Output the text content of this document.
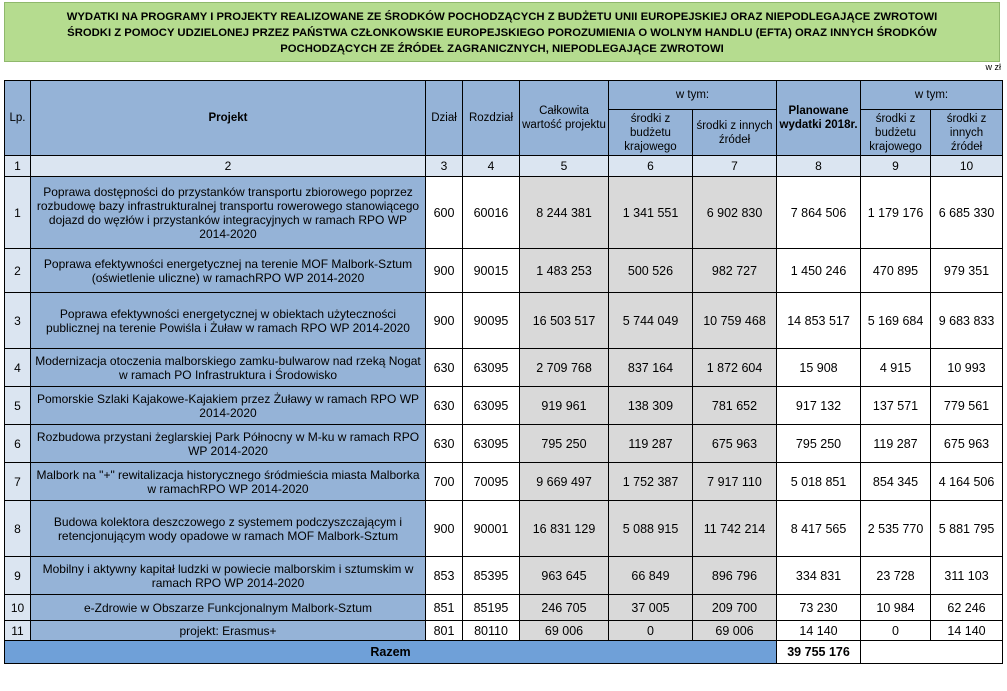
WYDATKI NA PROGRAMY I PROJEKTY REALIZOWANE ZE ŚRODKÓW POCHODZĄCYCH Z BUDŻETU UNII EUROPEJSKIEJ ORAZ NIEPODLEGAJĄCE ZWROTOWI
ŚRODKI Z POMOCY UDZIELONEJ PRZEZ PAŃSTWA CZŁONKOWSKIE EUROPEJSKIEGO POROZUMIENIA O WOLNYM HANDLU (EFTA) ORAZ INNYCH ŚRODKÓW
POCHODZĄCYCH ZE ŹRÓDEŁ ZAGRANICZNYCH, NIEPODLEGAJĄCE ZWROTOWI
w zł
Lp.	Projekt	Dział	Rozdział	Całkowita wartość projektu	w tym:		Planowane wydatki 2018r.	w tym:	
					środki z budżetu krajowego	środki z innych źródeł		środki z budżetu krajowego	środki z innych źródeł
1	2	3	4	5	6	7	8	9	10
1	Poprawa dostępności do przystanków transportu zbiorowego poprzez rozbudowę bazy infrastrukturalnej transportu rowerowego stanowiącego dojazd do węzłów i przystanków integracyjnych w ramach RPO WP 2014-2020	600	60016	8 244 381	1 341 551	6 902 830	7 864 506	1 179 176	6 685 330
2	Poprawa efektywności energetycznej na terenie MOF Malbork-Sztum (oświetlenie uliczne) w ramachRPO WP 2014-2020	900	90015	1 483 253	500 526	982 727	1 450 246	470 895	979 351
3	Poprawa efektywności energetycznej w obiektach użyteczności publicznej na terenie Powiśla i Żuław w ramach RPO WP 2014-2020	900	90095	16 503 517	5 744 049	10 759 468	14 853 517	5 169 684	9 683 833
4	Modernizacja otoczenia malborskiego zamku-bulwarow nad rzeką Nogat w ramach PO Infrastruktura i Środowisko	630	63095	2 709 768	837 164	1 872 604	15 908	4 915	10 993
5	Pomorskie Szlaki Kajakowe-Kajakiem przez Żuławy w ramach RPO WP 2014-2020	630	63095	919 961	138 309	781 652	917 132	137 571	779 561
6	Rozbudowa przystani żeglarskiej Park Północny w M-ku w ramach RPO WP 2014-2020	630	63095	795 250	119 287	675 963	795 250	119 287	675 963
7	Malbork na "+" rewitalizacja historycznego śródmieścia miasta Malborka w ramachRPO WP 2014-2020	700	70095	9 669 497	1 752 387	7 917 110	5 018 851	854 345	4 164 506
8	Budowa kolektora deszczowego z systemem podczyszczającym i retencjonującym wody opadowe w ramach MOF Malbork-Sztum	900	90001	16 831 129	5 088 915	11 742 214	8 417 565	2 535 770	5 881 795
9	Mobilny i aktywny kapitał ludzki w powiecie malborskim i sztumskim w ramach RPO WP 2014-2020	853	85395	963 645	66 849	896 796	334 831	23 728	311 103
10	e-Zdrowie w Obszarze Funkcjonalnym Malbork-Sztum	851	85195	246 705	37 005	209 700	73 230	10 984	62 246
11	projekt: Erasmus+	801	80110	69 006	0	69 006	14 140	0	14 140
Razem							39 755 176		
